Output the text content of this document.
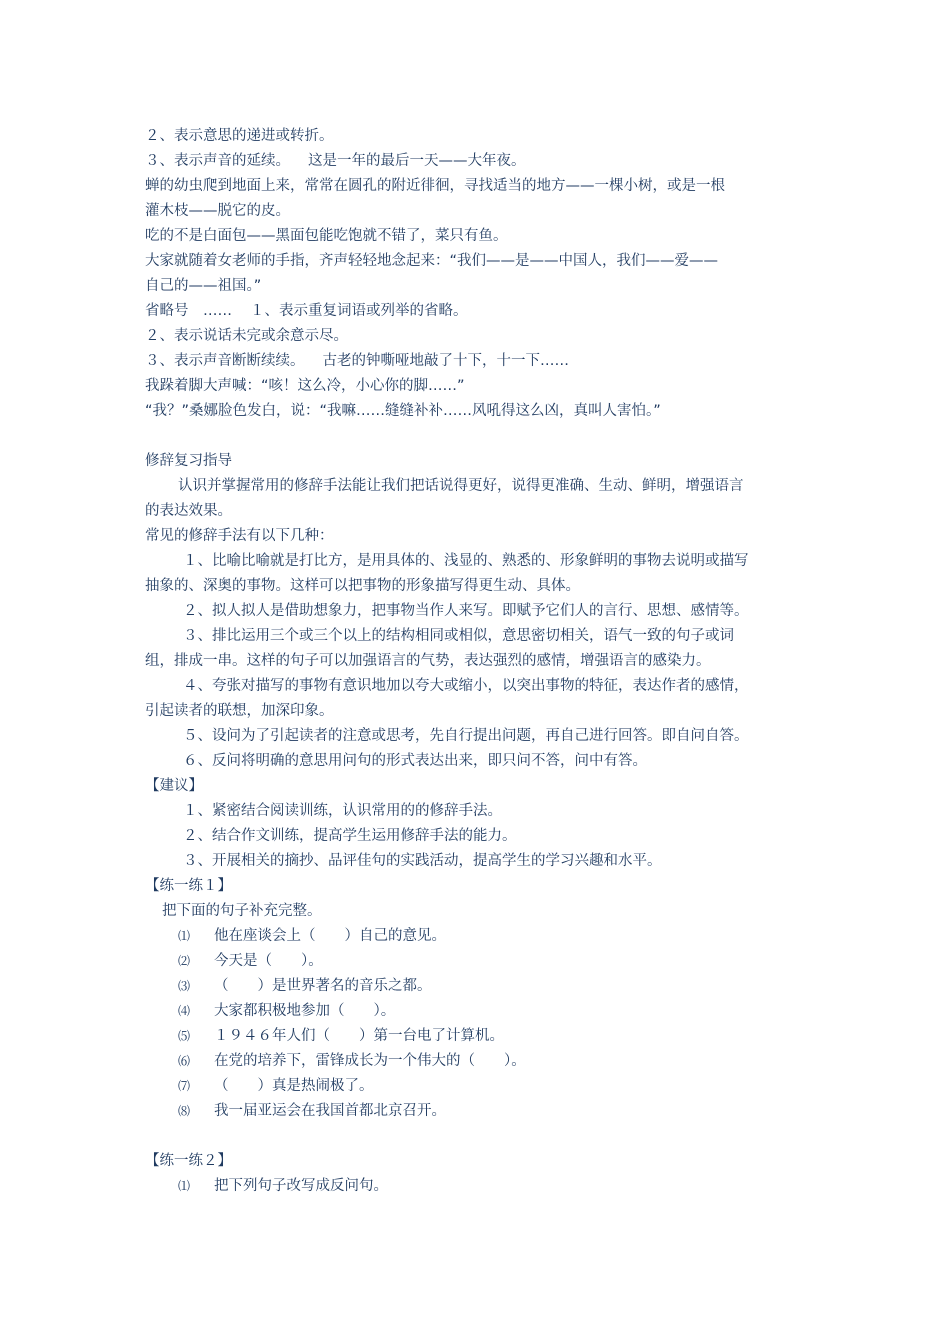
２、表示意思的递进或转折。
３、表示声音的延续。 这是一年的最后一天——大年夜。
蝉的幼虫爬到地面上来，常常在圆孔的附近徘徊，寻找适当的地方——一棵小树，或是一根
灌木枝——脱它的皮。
吃的不是白面包——黑面包能吃饱就不错了，菜只有鱼。
大家就随着女老师的手指，齐声轻轻地念起来：“我们——是——中国人，我们——爱——
自己的——祖国。”
省略号　…… １、表示重复词语或列举的省略。
２、表示说话未完或余意示尽。
３、表示声音断断续续。 古老的钟嘶哑地敲了十下，十一下……
我跺着脚大声喊：“咳！这么冷，小心你的脚……”
“我？”桑娜脸色发白，说：“我嘛……缝缝补补……风吼得这么凶，真叫人害怕。”
修辞复习指导
认识并掌握常用的修辞手法能让我们把话说得更好，说得更准确、生动、鲜明，增强语言
的表达效果。
常见的修辞手法有以下几种：
１、比喻比喻就是打比方，是用具体的、浅显的、熟悉的、形象鲜明的事物去说明或描写
抽象的、深奥的事物。这样可以把事物的形象描写得更生动、具体。
２、拟人拟人是借助想象力，把事物当作人来写。即赋予它们人的言行、思想、感情等。
３、排比运用三个或三个以上的结构相同或相似，意思密切相关，语气一致的句子或词
组，排成一串。这样的句子可以加强语言的气势，表达强烈的感情，增强语言的感染力。
４、夸张对描写的事物有意识地加以夸大或缩小，以突出事物的特征，表达作者的感情，
引起读者的联想，加深印象。
５、设问为了引起读者的注意或思考，先自行提出问题，再自己进行回答。即自问自答。
６、反问将明确的意思用问句的形式表达出来，即只问不答，问中有答。
【建议】
１、紧密结合阅读训练，认识常用的的修辞手法。
２、结合作文训练，提高学生运用修辞手法的能力。
３、开展相关的摘抄、品评佳句的实践活动，提高学生的学习兴趣和水平。
【练一练１】
把下面的句子补充完整。
⑴ 他在座谈会上（　　）自己的意见。
⑵ 今天是（　　）。
⑶ （　　）是世界著名的音乐之都。
⑷ 大家都积极地参加（　　）。
⑸ １９４６年人们（　　）第一台电了计算机。
⑹ 在党的培养下，雷锋成长为一个伟大的（　　）。
⑺ （　　）真是热闹极了。
⑻ 我一届亚运会在我国首都北京召开。
【练一练２】
⑴ 把下列句子改写成反问句。
